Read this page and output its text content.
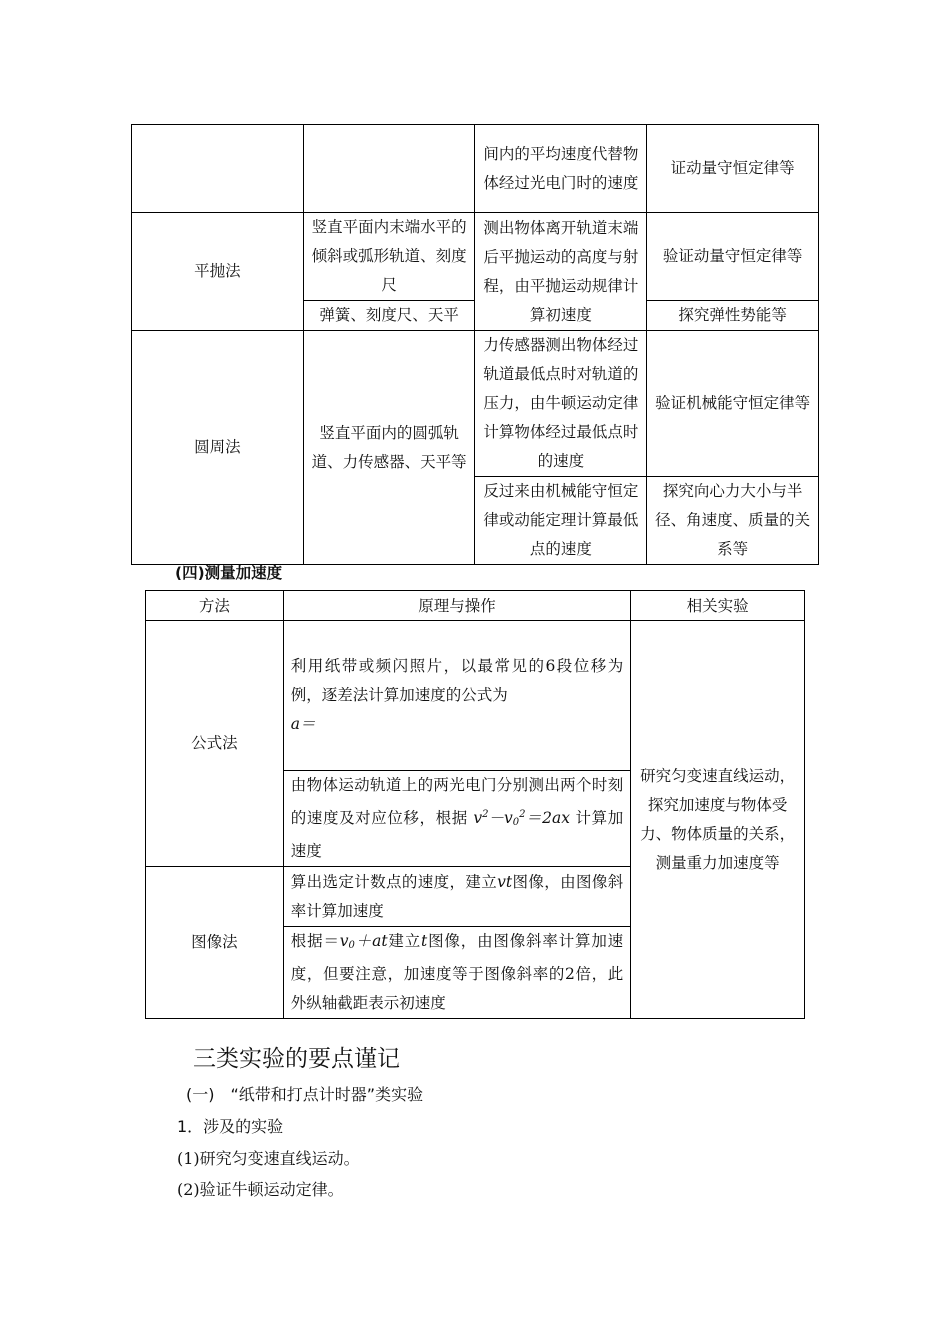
		间内的平均速度代替物体经过光电门时的速度	证动量守恒定律等
平抛法	竖直平面内末端水平的倾斜或弧形轨道、刻度尺	测出物体离开轨道末端后平抛运动的高度与射程，由平抛运动规律计算初速度	验证动量守恒定律等
	弹簧、刻度尺、天平		探究弹性势能等
圆周法	竖直平面内的圆弧轨道、力传感器、天平等	力传感器测出物体经过轨道最低点时对轨道的压力，由牛顿运动定律计算物体经过最低点时的速度	验证机械能守恒定律等
		反过来由机械能守恒定律或动能定理计算最低点的速度	探究向心力大小与半径、角速度、质量的关系等
(四)测量加速度
方法	原理与操作	相关实验
公式法	利用纸带或频闪照片，以最常见的6段位移为例，逐差法计算加速度的公式为
a＝	研究匀变速直线运动，探究加速度与物体受力、物体质量的关系，测量重力加速度等
	由物体运动轨道上的两光电门分别测出两个时刻的速度及对应位移，根据 $v^2-v_0^2=2ax$ 计算加速度	
图像法	算出选定计数点的速度，建立vt图像，由图像斜率计算加速度	
	根据$=v_0+at$建立t图像，由图像斜率计算加速度，但要注意，加速度等于图像斜率的2倍，此外纵轴截距表示初速度	
三类实验的要点谨记
(一)　“纸带和打点计时器”类实验
1．涉及的实验
(1)研究匀变速直线运动。
(2)验证牛顿运动定律。
